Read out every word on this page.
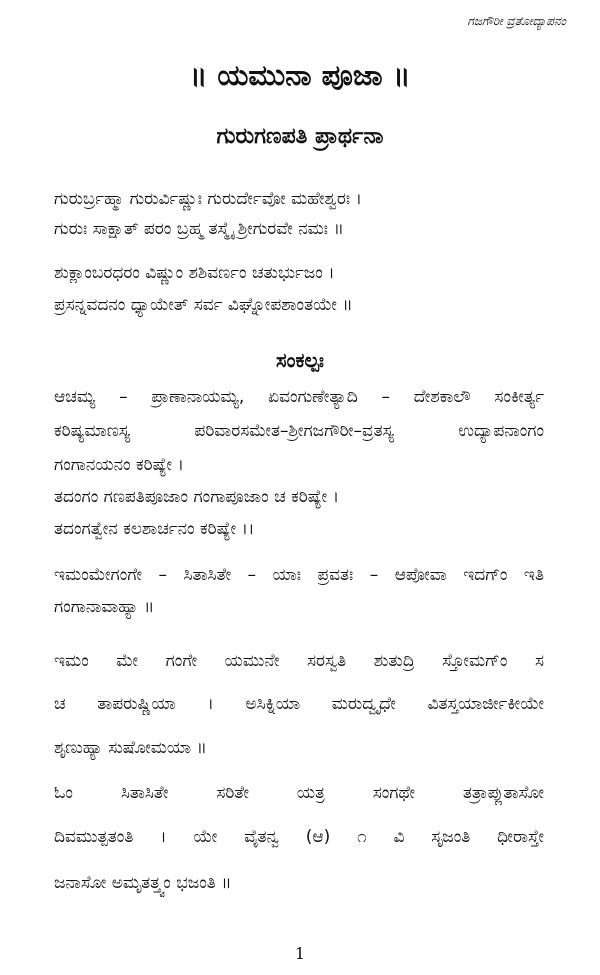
ಗಜಗೌರೀ ವ್ರತೋದ್ಯಾಪನಂ
॥ ಯಮುನಾ ಪೂಜಾ ॥
ಗುರುಗಣಪತಿ ಪ್ರಾರ್ಥನಾ
ಗುರುರ್ಬ್ರಹ್ಮಾ ಗುರುರ್ವಿಷ್ಣುಃ ಗುರುರ್ದೇವೋ ಮಹೇಶ್ವರಃ ।
ಗುರುಃ ಸಾಕ್ಷಾತ್ ಪರಂ ಬ್ರಹ್ಮ ತಸ್ಮೈ ಶ್ರೀಗುರವೇ ನಮಃ ॥
ಶುಕ್ಲಾಂಬರಧರಂ ವಿಷ್ಣುಂ ಶಶಿವರ್ಣಂ ಚತುರ್ಭುಜಂ ।
ಪ್ರಸನ್ನವದನಂ ಧ್ಯಾಯೇತ್ ಸರ್ವ ವಿಘ್ನೋಪಶಾಂತಯೇ ॥
ಸಂಕಲ್ಪಃ
ಆಚಮ್ಯ – ಪ್ರಾಣಾನಾಯಮ್ಯ, ಏವಂಗುಣೇತ್ಯಾದಿ – ದೇಶಕಾಲೌ ಸಂಕೀರ್ತ್ಯ
ಕರಿಷ್ಯಮಾಣಸ್ಯ ಪರಿವಾರಸಮೇತ–ಶ್ರೀಗಜಗೌರೀ–ವ್ರತಸ್ಯ ಉದ್ಯಾಪನಾಂಗಂ
ಗಂಗಾನಯನಂ ಕರಿಷ್ಯೇ ।
ತದಂಗಂ ಗಣಪತಿಪೂಜಾಂ ಗಂಗಾಪೂಜಾಂ ಚ ಕರಿಷ್ಯೇ ।
ತದಂಗತ್ವೇನ ಕಲಶಾರ್ಚನಂ ಕರಿಷ್ಯೇ ।।
ಇಮಂಮೇಗಂಗೇ – ಸಿತಾಸಿತೇ – ಯಾಃ ಪ್ರವತಃ – ಆಪೋವಾ ಇದಗ್ಂ ಇತಿ
ಗಂಗಾನಾವಾಹ್ಯಾ ॥
ಇಮಂ ಮೇ ಗಂಗೇ ಯಮುನೇ ಸರಸ್ವತಿ ಶುತುದ್ರಿ ಸ್ತೋಮಗ್ಂ ಸ
ಚ ತಾಪರುಷ್ಣಿಯಾ । ಅಸಿಕ್ನಿಯಾ ಮರುದ್ವೃಧೇ ವಿತಸ್ತಯಾರ್ಜೀಕೀಯೇ
ಶೃಣುಹ್ಯಾ ಸುಷೋಮಯಾ ॥
ಓಂ ಸಿತಾಸಿತೇ ಸರಿತೇ ಯತ್ರ ಸಂಗಥೇ ತತ್ರಾಪ್ಲುತಾಸೋ
ದಿವಮುತ್ಪತಂತಿ । ಯೇ ವೈತನ್ವ (ಆ) ೧ ವಿ ಸೃಜಂತಿ ಧೀರಾಸ್ತೇ
ಜನಾಸೋ ಅಮೃತತ್ತ್ವಂ ಭಜಂತಿ ॥
1
